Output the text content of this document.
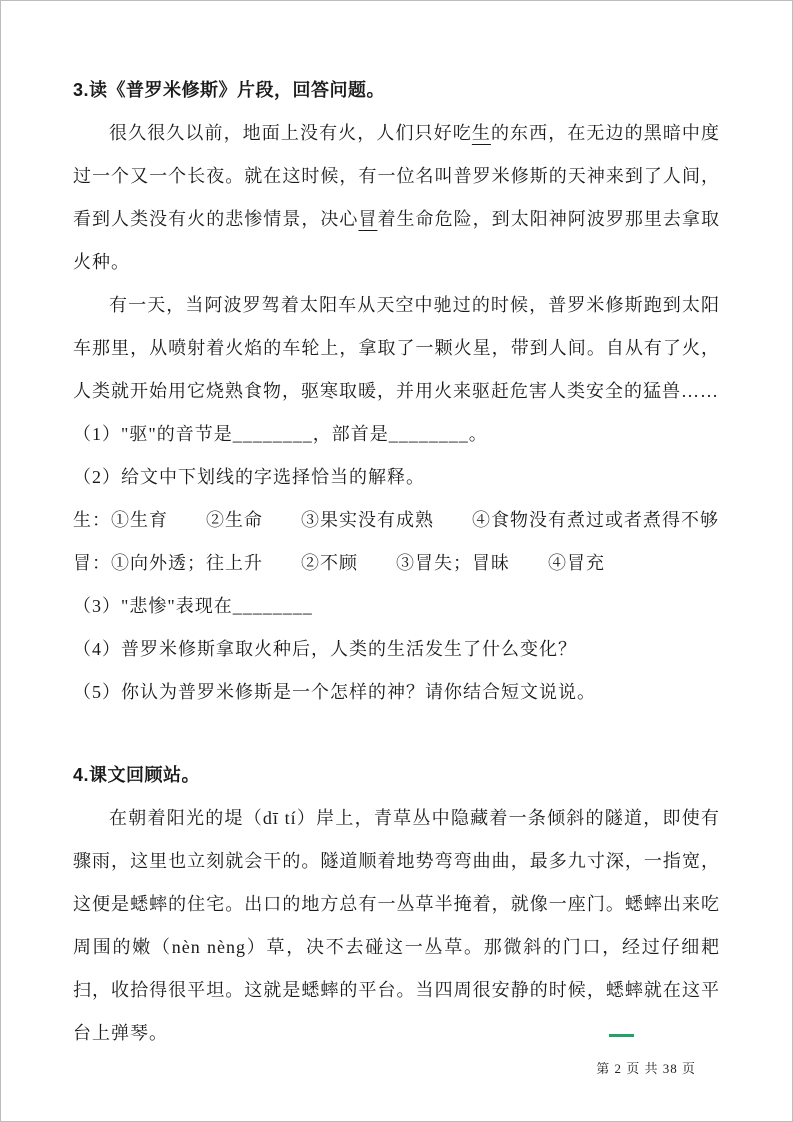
3.读《普罗米修斯》片段，回答问题。

很久很久以前，地面上没有火，人们只好吃生的东西，在无边的黑暗中度过一个又一个长夜。就在这时候，有一位名叫普罗米修斯的天神来到了人间，看到人类没有火的悲惨情景，决心冒着生命危险，到太阳神阿波罗那里去拿取火种。

有一天，当阿波罗驾着太阳车从天空中驰过的时候，普罗米修斯跑到太阳车那里，从喷射着火焰的车轮上，拿取了一颗火星，带到人间。自从有了火，人类就开始用它烧熟食物，驱寒取暖，并用火来驱赶危害人类安全的猛兽……

（1）"驱"的音节是________，部首是________。

（2）给文中下划线的字选择恰当的解释。

生：①生育　　②生命　　③果实没有成熟　　④食物没有煮过或者煮得不够

冒：①向外透；往上升　　②不顾　　③冒失；冒昧　　④冒充

（3）"悲惨"表现在________

（4）普罗米修斯拿取火种后，人类的生活发生了什么变化？

（5）你认为普罗米修斯是一个怎样的神？请你结合短文说说。

4.课文回顾站。

在朝着阳光的堤（dī tí）岸上，青草丛中隐藏着一条倾斜的隧道，即使有骤雨，这里也立刻就会干的。隧道顺着地势弯弯曲曲，最多九寸深，一指宽，这便是蟋蟀的住宅。出口的地方总有一丛草半掩着，就像一座门。蟋蟀出来吃周围的嫩（nèn nèng）草，决不去碰这一丛草。那微斜的门口，经过仔细耙扫，收拾得很平坦。这就是蟋蟀的平台。当四周很安静的时候，蟋蟀就在这平台上弹琴。

第 2 页 共 38 页
